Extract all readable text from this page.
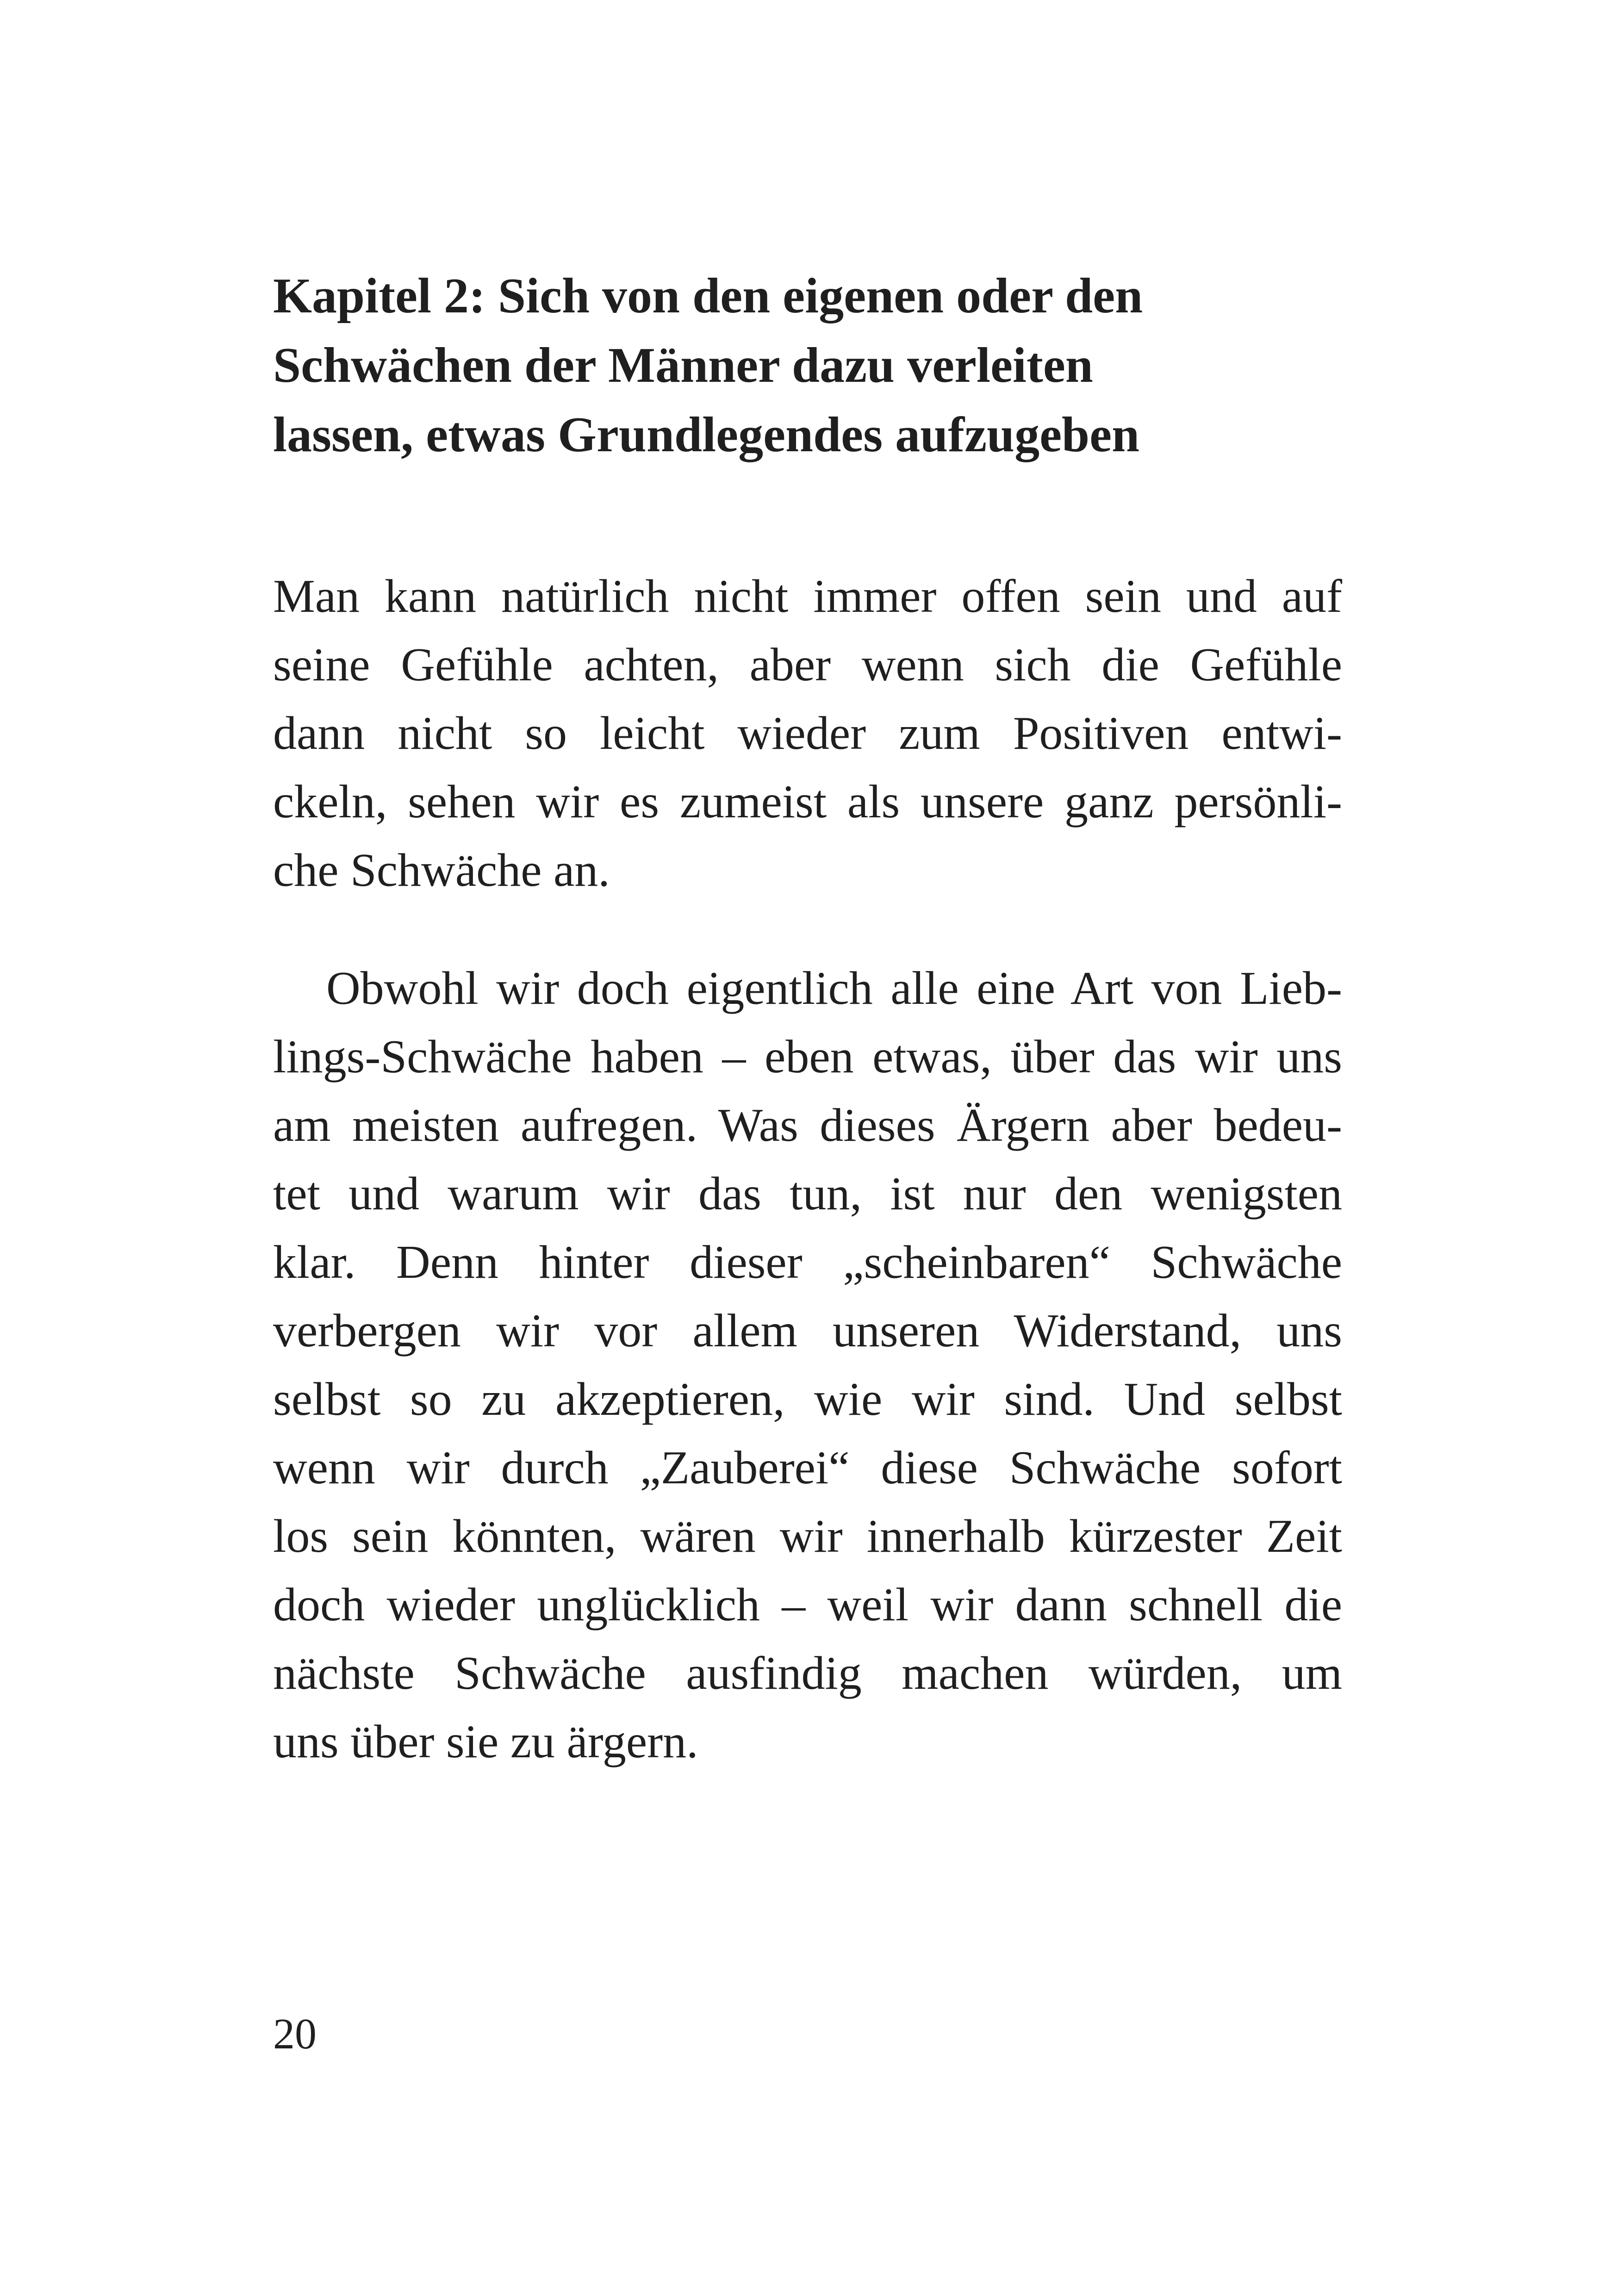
Kapitel 2: Sich von den eigenen oder den
Schwächen der Männer dazu verleiten
lassen, etwas Grundlegendes aufzugeben
Man kann natürlich nicht immer offen sein und auf
seine Gefühle achten, aber wenn sich die Gefühle
dann nicht so leicht wieder zum Positiven entwi-
ckeln, sehen wir es zumeist als unsere ganz persönli-
che Schwäche an.
Obwohl wir doch eigentlich alle eine Art von Lieb-
lings-Schwäche haben – eben etwas, über das wir uns
am meisten aufregen. Was dieses Ärgern aber bedeu-
tet und warum wir das tun, ist nur den wenigsten
klar. Denn hinter dieser „scheinbaren“ Schwäche
verbergen wir vor allem unseren Widerstand, uns
selbst so zu akzeptieren, wie wir sind. Und selbst
wenn wir durch „Zauberei“ diese Schwäche sofort
los sein könnten, wären wir innerhalb kürzester Zeit
doch wieder unglücklich – weil wir dann schnell die
nächste Schwäche ausfindig machen würden, um
uns über sie zu ärgern.
20
